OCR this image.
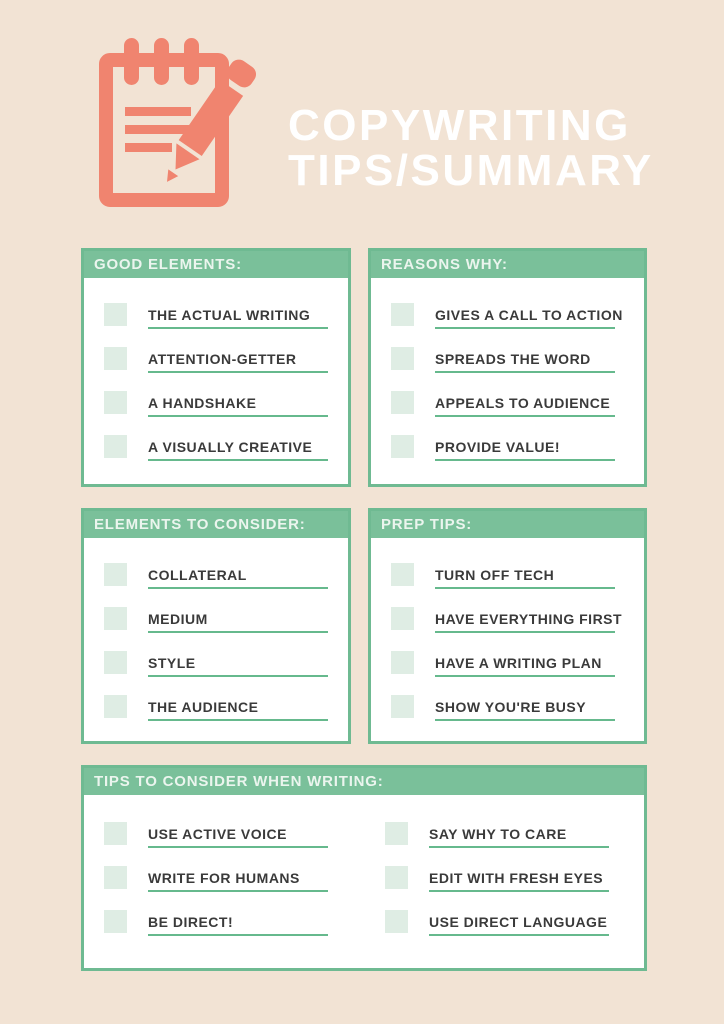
COPYWRITING
TIPS/SUMMARY
GOOD ELEMENTS:
THE ACTUAL WRITING
ATTENTION-GETTER
A HANDSHAKE
A VISUALLY CREATIVE
REASONS WHY:
GIVES A CALL TO ACTION
SPREADS THE WORD
APPEALS TO AUDIENCE
PROVIDE VALUE!
ELEMENTS TO CONSIDER:
COLLATERAL
MEDIUM
STYLE
THE AUDIENCE
PREP TIPS:
TURN OFF TECH
HAVE EVERYTHING FIRST
HAVE A WRITING PLAN
SHOW YOU'RE BUSY
TIPS TO CONSIDER WHEN WRITING:
USE ACTIVE VOICE
WRITE FOR HUMANS
BE DIRECT!
SAY WHY TO CARE
EDIT WITH FRESH EYES
USE DIRECT LANGUAGE
